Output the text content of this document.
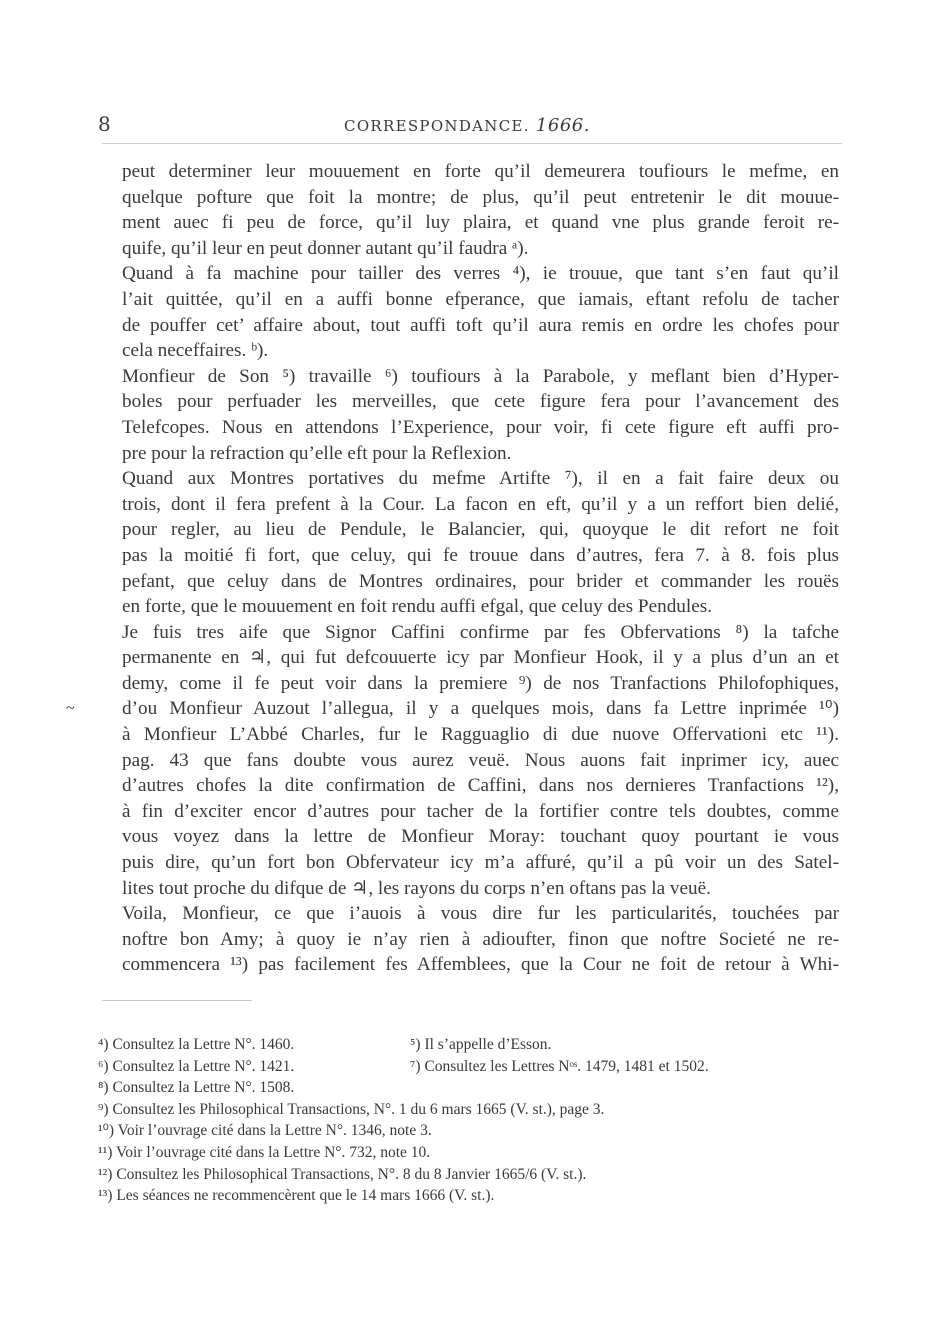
8	CORRESPONDANCE. 1666.
~

peut determiner leur mouuement en forte qu’il demeurera toufiours le mefme, en
quelque pofture que foit la montre; de plus, qu’il peut entretenir le dit mouue-
ment auec fi peu de force, qu’il luy plaira, et quand vne plus grande feroit re-
quife, qu’il leur en peut donner autant qu’il faudra ᵃ).

Quand à fa machine pour tailler des verres ⁴), ie trouue, que tant s’en faut qu’il
l’ait quittée, qu’il en a auffi bonne efperance, que iamais, eftant refolu de tacher
de pouffer cet’ affaire about, tout auffi toft qu’il aura remis en ordre les chofes pour
cela neceffaires. ᵇ).

Monfieur de Son ⁵) travaille ⁶) toufiours à la Parabole, y meflant bien d’Hyper-
boles pour perfuader les merveilles, que cete figure fera pour l’avancement des
Telefcopes. Nous en attendons l’Experience, pour voir, fi cete figure eft auffi pro-
pre pour la refraction qu’elle eft pour la Reflexion.

Quand aux Montres portatives du mefme Artifte ⁷), il en a fait faire deux ou
trois, dont il fera prefent à la Cour. La facon en eft, qu’il y a un reffort bien delié,
pour regler, au lieu de Pendule, le Balancier, qui, quoyque le dit refort ne foit
pas la moitié fi fort, que celuy, qui fe trouue dans d’autres, fera 7. à 8. fois plus
pefant, que celuy dans de Montres ordinaires, pour brider et commander les rouës
en forte, que le mouuement en foit rendu auffi efgal, que celuy des Pendules.

Je fuis tres aife que Signor Caffini confirme par fes Obfervations ⁸) la tafche
permanente en ♃, qui fut defcouuerte icy par Monfieur Hook, il y a plus d’un an et
demy, come il fe peut voir dans la premiere ⁹) de nos Tranfactions Philofophiques,
d’ou Monfieur Auzout l’allegua, il y a quelques mois, dans fa Lettre inprimée ¹⁰)
à Monfieur L’Abbé Charles, fur le Ragguaglio di due nuove Offervationi etc ¹¹).
pag. 43 que fans doubte vous aurez veuë. Nous auons fait inprimer icy, auec
d’autres chofes la dite confirmation de Caffini, dans nos dernieres Tranfactions ¹²),
à fin d’exciter encor d’autres pour tacher de la fortifier contre tels doubtes, comme
vous voyez dans la lettre de Monfieur Moray: touchant quoy pourtant ie vous
puis dire, qu’un fort bon Obfervateur icy m’a affuré, qu’il a pû voir un des Satel-
lites tout proche du difque de ♃, les rayons du corps n’en oftans pas la veuë.

Voila, Monfieur, ce que i’auois à vous dire fur les particularités, touchées par
noftre bon Amy; à quoy ie n’ay rien à adioufter, finon que noftre Societé ne re-
commencera ¹³) pas facilement fes Affemblees, que la Cour ne foit de retour à Whi-

⁴) Consultez la Lettre N°. 1460.	⁵) Il s’appelle d’Esson.
⁶) Consultez la Lettre N°. 1421.	⁷) Consultez les Lettres Nᵒˢ. 1479, 1481 et 1502.
⁸) Consultez la Lettre N°. 1508.
⁹) Consultez les Philosophical Transactions, N°. 1 du 6 mars 1665 (V. st.), page 3.
¹⁰) Voir l’ouvrage cité dans la Lettre N°. 1346, note 3.
¹¹) Voir l’ouvrage cité dans la Lettre N°. 732, note 10.
¹²) Consultez les Philosophical Transactions, N°. 8 du 8 Janvier 1665/6 (V. st.).
¹³) Les séances ne recommencèrent que le 14 mars 1666 (V. st.).
